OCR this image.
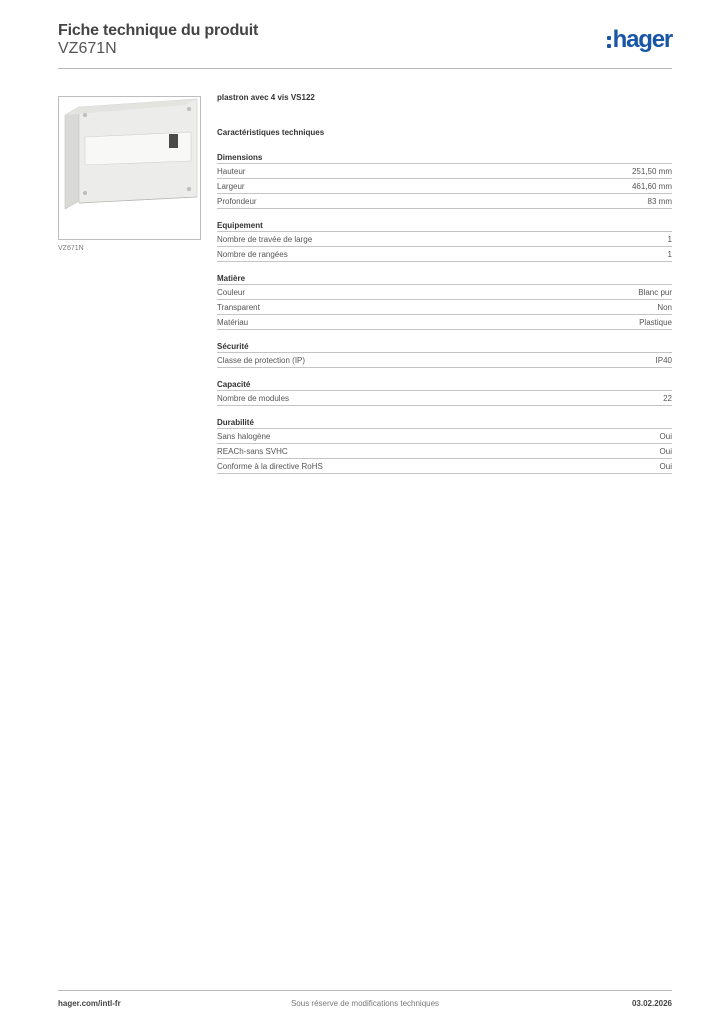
Fiche technique du produit
VZ671N	hager
VZ671N
plastron avec 4 vis VS122
Caractéristiques techniques
Dimensions
Hauteur	251,50 mm
Largeur	461,60 mm
Profondeur	83 mm
Equipement
Nombre de travée de large	1
Nombre de rangées	1
Matière
Couleur	Blanc pur
Transparent	Non
Matériau	Plastique
Sécurité
Classe de protection (IP)	IP40
Capacité
Nombre de modules	22
Durabilité
Sans halogène	Oui
REACh-sans SVHC	Oui
Conforme à la directive RoHS	Oui
hager.com/intl-fr	Sous réserve de modifications techniques	03.02.2026
